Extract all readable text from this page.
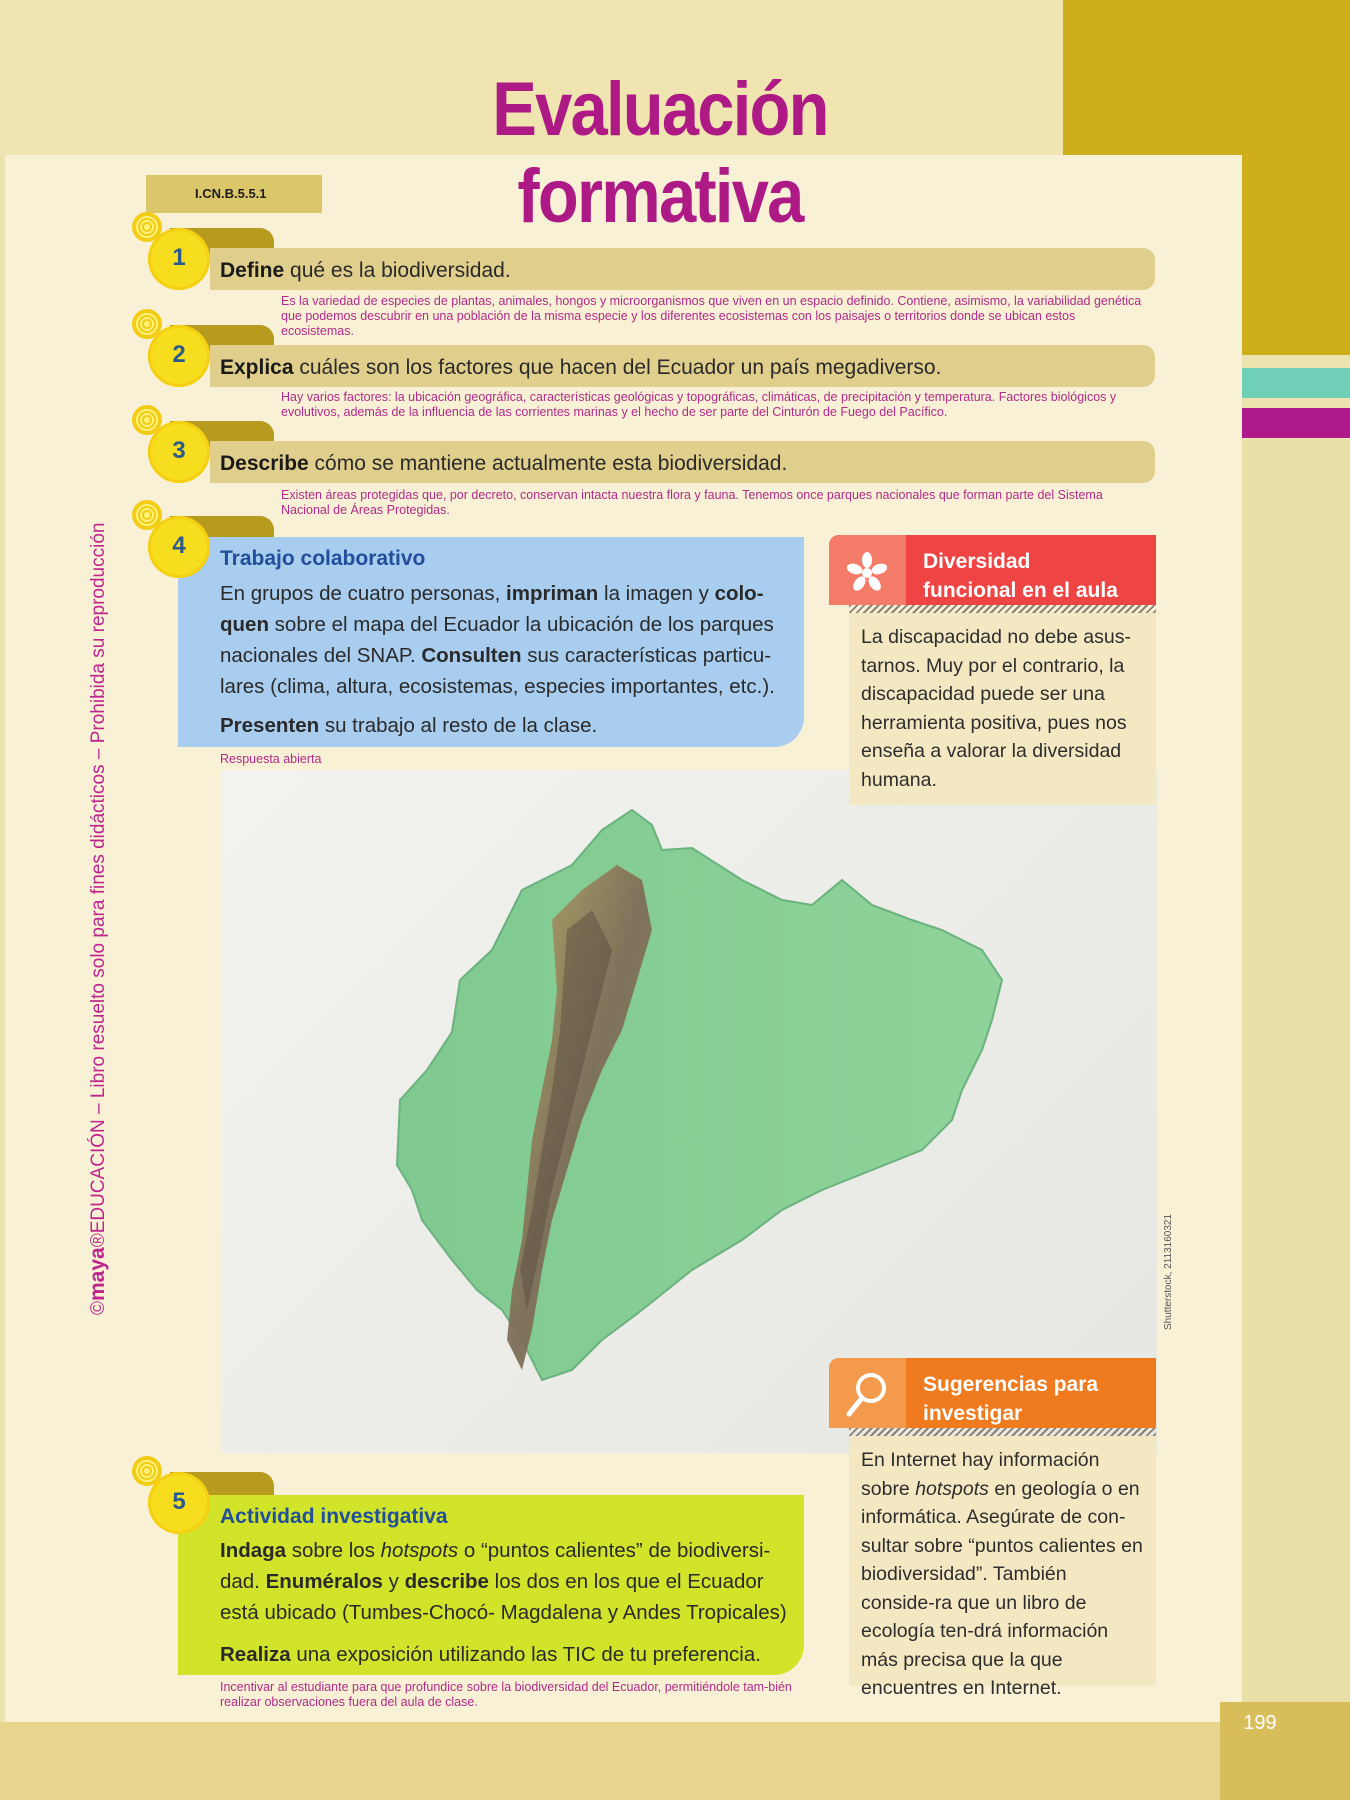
199
Evaluación formativa
I.CN.B.5.5.1
©maya®EDUCACIÓN – Libro resuelto solo para fines didácticos – Prohibida su reproducción
1	Define qué es la biodiversidad.
Es la variedad de especies de plantas, animales, hongos y microorganismos que viven en un espacio definido. Contiene, asimismo, la variabilidad genética que podemos descubrir en una población de la misma especie y los diferentes ecosistemas con los paisajes o territorios donde se ubican estos ecosistemas.
2	Explica cuáles son los factores que hacen del Ecuador un país megadiverso.
Hay varios factores: la ubicación geográfica, características geológicas y topográficas, climáticas, de precipitación y temperatura. Factores biológicos y evolutivos, además de la influencia de las corrientes marinas y el hecho de ser parte del Cinturón de Fuego del Pacífico.
3	Describe cómo se mantiene actualmente esta biodiversidad.
Existen áreas protegidas que, por decreto, conservan intacta nuestra flora y fauna. Tenemos once parques nacionales que forman parte del Sistema Nacional de Áreas Protegidas.
4	Trabajo colaborativo
En grupos de cuatro personas, impriman la imagen y colo-quen sobre el mapa del Ecuador la ubicación de los parques nacionales del SNAP. Consulten sus características particu-lares (clima, altura, ecosistemas, especies importantes, etc.).
Presenten su trabajo al resto de la clase.
Respuesta abierta
Shutterstock, 2113160321
Diversidad
funcional en el aula
La discapacidad no debe asus-tarnos. Muy por el contrario, la discapacidad puede ser una herramienta positiva, pues nos enseña a valorar la diversidad humana.
Sugerencias para
investigar
En Internet hay información sobre hotspots en geología o en informática. Asegúrate de con-sultar sobre “puntos calientes en biodiversidad”. También conside-ra que un libro de ecología ten-drá información más precisa que la que encuentres en Internet.
5
Actividad investigativa
Indaga sobre los hotspots o “puntos calientes” de biodiversi-dad. Enuméralos y describe los dos en los que el Ecuador está ubicado (Tumbes-Chocó- Magdalena y Andes Tropicales)
Realiza una exposición utilizando las TIC de tu preferencia.
Incentivar al estudiante para que profundice sobre la biodiversidad del Ecuador, permitiéndole tam-bién realizar observaciones fuera del aula de clase.
